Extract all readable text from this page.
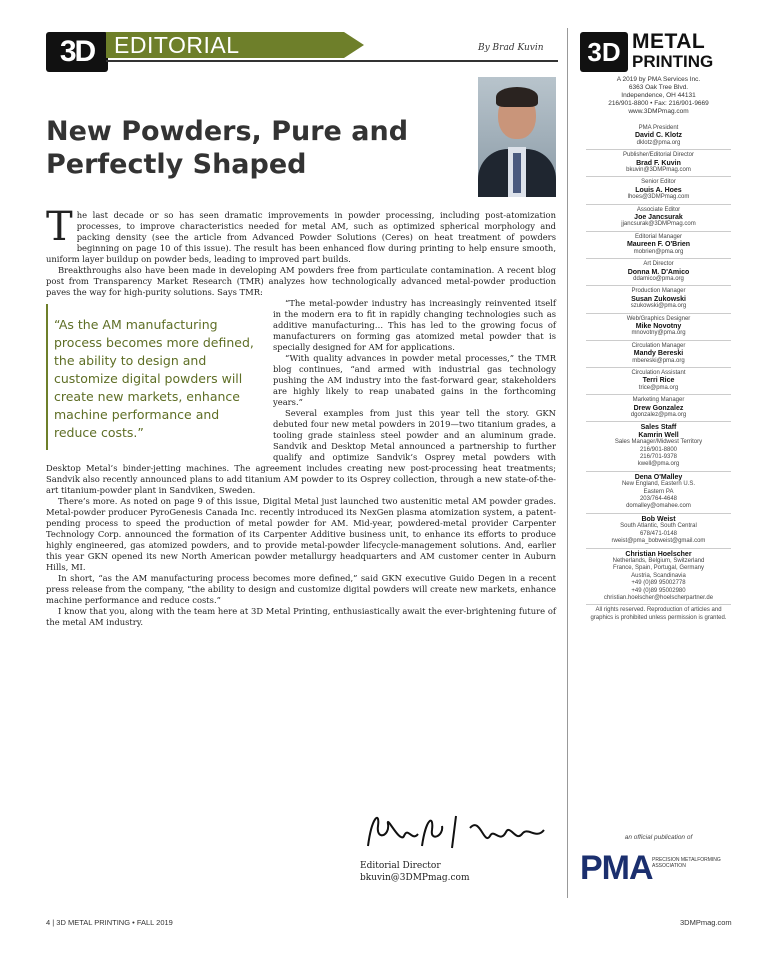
3D EDITORIAL	By Brad Kuvin
New Powders, Pure and Perfectly Shaped

The last decade or so has seen dramatic improvements in powder processing, including post-atomization processes, to improve characteristics needed for metal AM, such as optimized spherical morphology and packing density (see the article from Advanced Powder Solutions (Ceres) on heat treatment of powders beginning on page 10 of this issue). The result has been enhanced flow during printing to help ensure smooth, uniform layer buildup on powder beds, leading to improved part builds.

Breakthroughs also have been made in developing AM powders free from particulate contamination. A recent blog post from Transparency Market Research (TMR) analyzes how technologically advanced metal-powder production paves the way for high-purity solutions. Says TMR:

“As the AM manufacturing process becomes more defined, the ability to design and customize digital powders will create new markets, enhance machine performance and reduce costs.”
“The metal-powder industry has increasingly reinvented itself in the modern era to fit in rapidly changing technologies such as additive manufacturing… This has led to the growing focus of manufacturers on forming gas atomized metal powder that is specially designed for AM for applications.

“With quality advances in powder metal processes,” the TMR blog continues, “and armed with industrial gas technology pushing the AM industry into the fast-forward gear, stakeholders are highly likely to reap unabated gains in the forthcoming years.”

Several examples from just this year tell the story. GKN debuted four new metal powders in 2019—two titanium grades, a tooling grade stainless steel powder and an aluminum grade. Sandvik and Desktop Metal announced a partnership to further qualify and optimize Sandvik’s Osprey metal powders with Desktop Metal’s binder-jetting machines. The agreement includes creating new post-processing heat treatments; Sandvik also recently announced plans to add titanium AM powder to its Osprey collection, through a new state-of-the-art titanium-powder plant in Sandviken, Sweden.

There’s more. As noted on page 9 of this issue, Digital Metal just launched two austenitic metal AM powder grades. Metal-powder producer PyroGenesis Canada Inc. recently introduced its NexGen plasma atomization system, a patent-pending process to speed the production of metal powder for AM. Mid-year, powdered-metal provider Carpenter Technology Corp. announced the formation of its Carpenter Additive business unit, to enhance its efforts to produce highly engineered, gas atomized powders, and to provide metal-powder lifecycle-management solutions. And, earlier this year GKN opened its new North American powder metallurgy headquarters and AM customer center in Auburn Hills, MI.

In short, “as the AM manufacturing process becomes more defined,” said GKN executive Guido Degen in a recent press release from the company, “the ability to design and customize digital powders will create new markets, enhance machine performance and reduce costs.”

I know that you, along with the team here at 3D Metal Printing, enthusiastically await the ever-brightening future of the metal AM industry.

Editorial Director
bkuvin@3DMPmag.com
4 | 3D METAL PRINTING • FALL 2019	3DMPmag.com
3D METAL
PRINTING
A 2019 by PMA Services Inc.
6363 Oak Tree Blvd.
Independence, OH 44131
216/901-8800 • Fax: 216/901-9669
www.3DMPmag.com
PMA President
David C. Klotz
dklotz@pma.org
Publisher/Editorial Director
Brad F. Kuvin
bkuvin@3DMPmag.com
Senior Editor
Louis A. Hoes
lhoes@3DMPmag.com
Associate Editor
Joe Jancsurak
jjancsurak@3DMPmag.com
Editorial Manager
Maureen F. O'Brien
mobrien@pma.org
Art Director
Donna M. D'Amico
ddamico@pma.org
Production Manager
Susan Zukowski
szukowski@pma.org
Web/Graphics Designer
Mike Novotny
mnovotny@pma.org
Circulation Manager
Mandy Bereski
mbereski@pma.org
Circulation Assistant
Terri Rice
trice@pma.org
Marketing Manager
Drew Gonzalez
dgonzalez@pma.org
Sales Staff
Kamrin Well
Sales Manager/Midwest Territory
216/901-8800
216/701-9378
kwell@pma.org
Dena O'Malley
New England, Eastern U.S.
Eastern PA
203/764-4648
domalley@omahee.com
Bob Weist
South Atlantic, South Central
678/471-0148
rweist@pma_bobweist@gmail.com
Christian Hoelscher
Netherlands, Belgium, Switzerland
France, Spain, Portugal, Germany
Austria, Scandinavia
+49 (0)89 95002778
+49 (0)89 95002980
christian.hoelscher@hoelscherpartner.de
All rights reserved. Reproduction of articles and graphics is prohibited unless permission is granted.
an official publication of
PMA PRECISION METALFORMING ASSOCIATION
